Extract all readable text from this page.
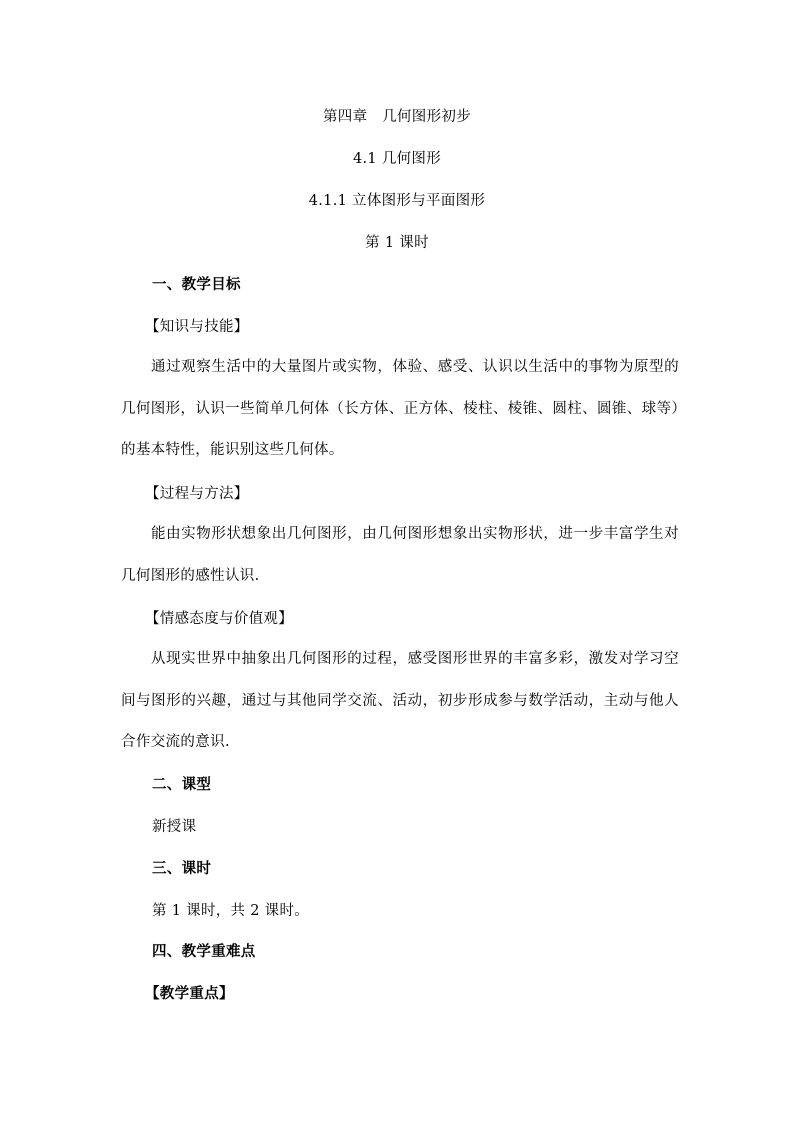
第四章　几何图形初步
4.1 几何图形
4.1.1 立体图形与平面图形
第 1 课时
一、教学目标
【知识与技能】

通过观察生活中的大量图片或实物，体验、感受、认识以生活中的事物为原型的几何图形，认识一些简单几何体（长方体、正方体、棱柱、棱锥、圆柱、圆锥、球等）的基本特性，能识别这些几何体。

【过程与方法】

能由实物形状想象出几何图形，由几何图形想象出实物形状，进一步丰富学生对几何图形的感性认识.

【情感态度与价值观】

从现实世界中抽象出几何图形的过程，感受图形世界的丰富多彩，激发对学习空间与图形的兴趣，通过与其他同学交流、活动，初步形成参与数学活动，主动与他人合作交流的意识.

二、课型
新授课
三、课时
第 1 课时，共 2 课时。
四、教学重难点
【教学重点】
